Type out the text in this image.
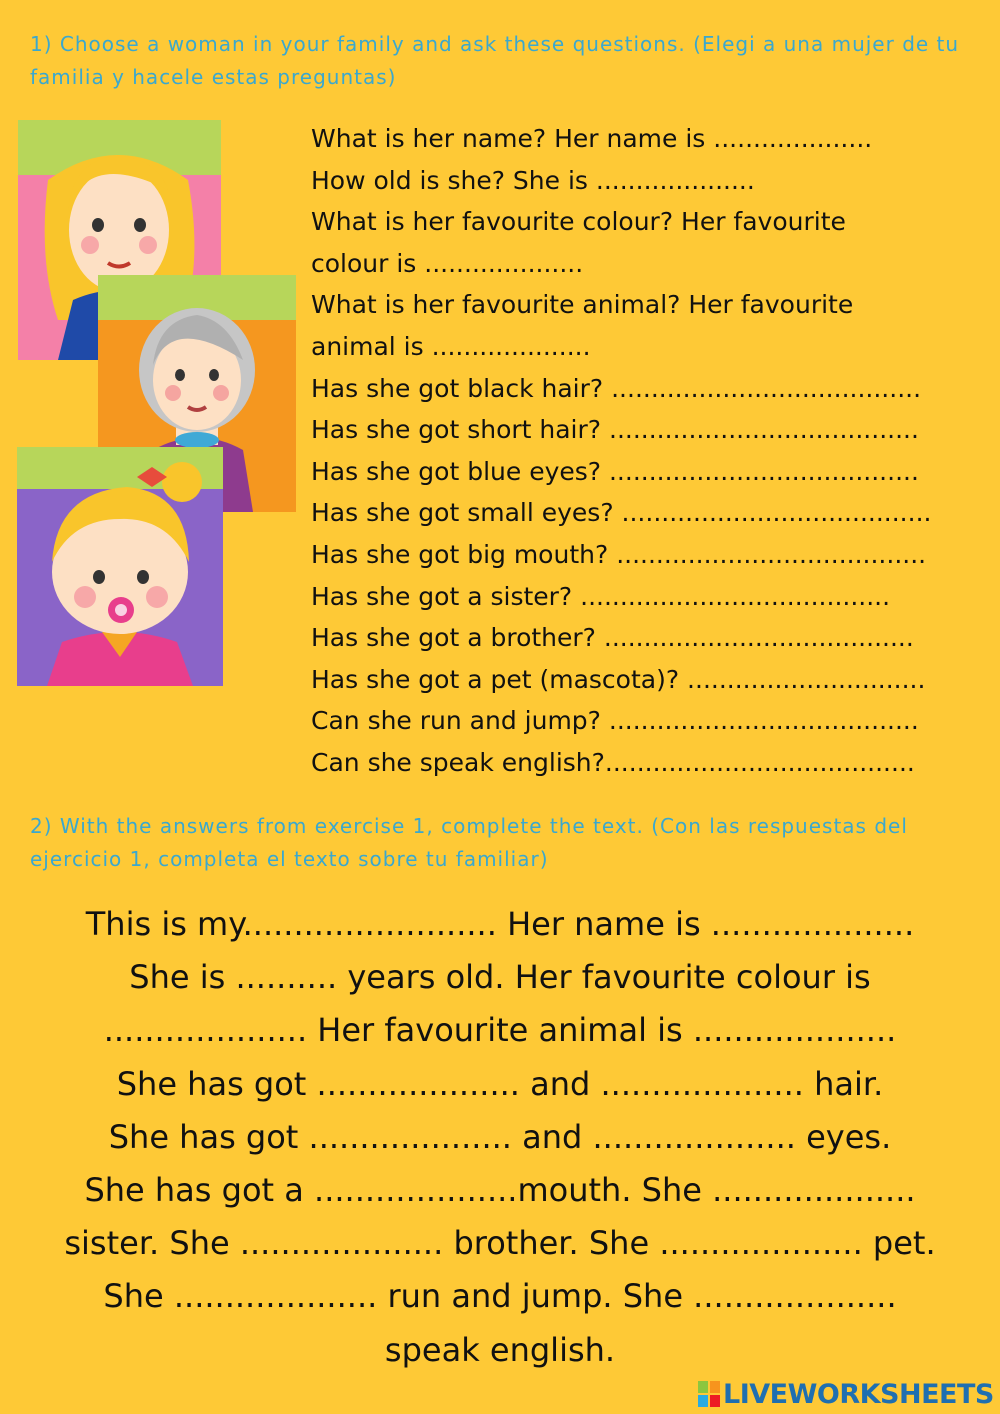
1) Choose a woman in your family and ask these questions. (Elegi a una mujer de tu familia y hacele estas preguntas)
What is her name? Her name is ....................
How old is she? She is ....................
What is her favourite colour? Her favourite colour is ....................
What is her favourite animal? Her favourite animal is ....................
Has she got black hair? .......................................
Has she got short hair? .......................................
Has she got blue eyes? .......................................
Has she got small eyes? .......................................
Has she got big mouth? .......................................
Has she got a sister? .......................................
Has she got a brother? .......................................
Has she got a pet (mascota)? ..............................
Can she run and jump? .......................................
Can she speak english?.......................................
2) With the answers from exercise 1, complete the text. (Con las respuestas del ejercicio 1, completa el texto sobre tu familiar)
This is my......................... Her name is ....................
She is .......... years old. Her favourite colour is
.................... Her favourite animal is ....................
She has got .................... and .................... hair.
She has got .................... and .................... eyes.
She has got a ....................mouth. She ....................
sister. She .................... brother. She .................... pet.
She .................... run and jump. She ....................
speak english.
LIVEWORKSHEETS
